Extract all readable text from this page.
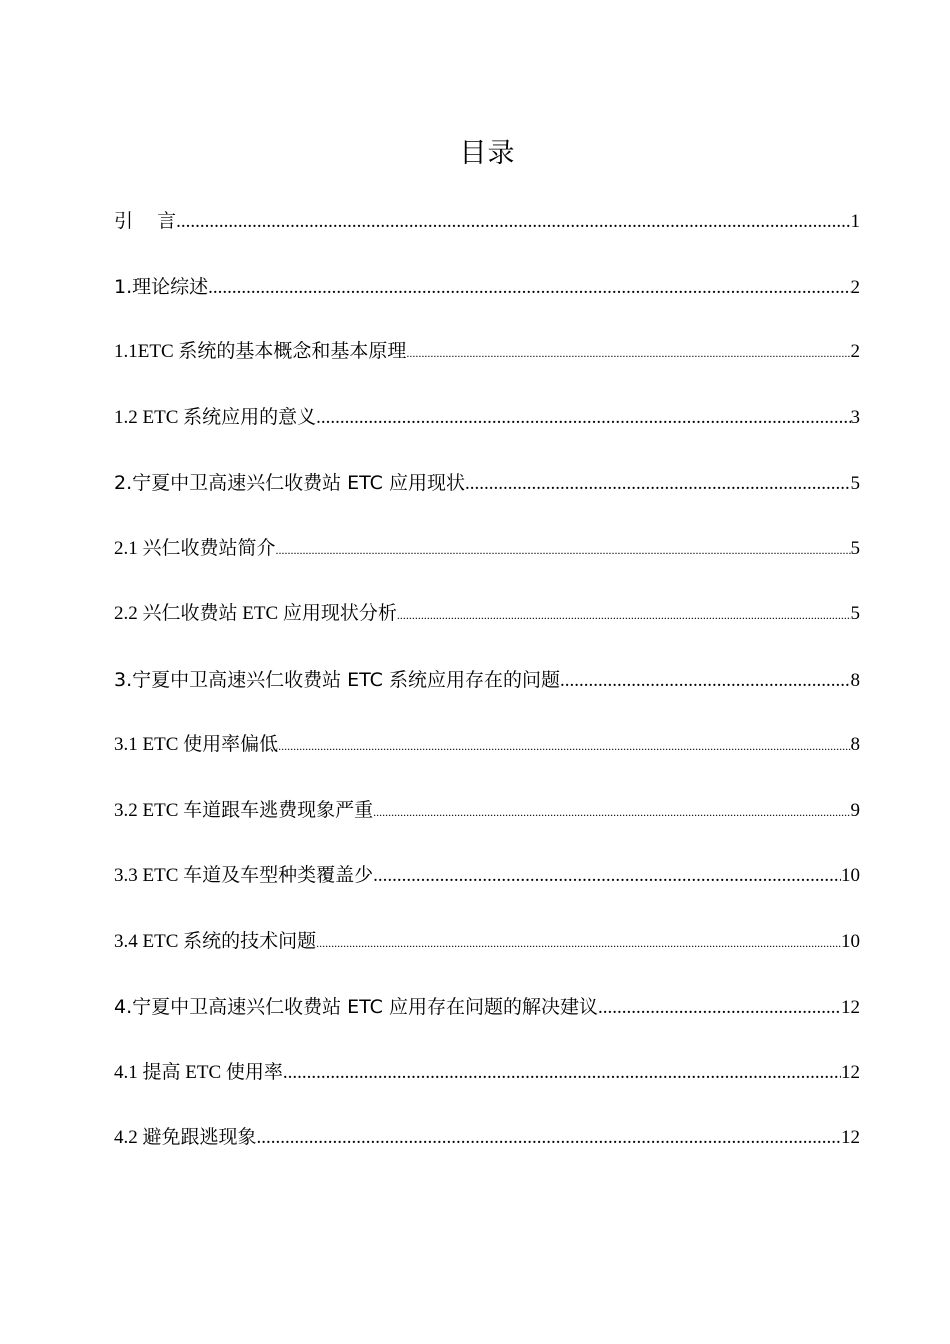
目录
引    言 .....	1
1.理论综述 .....	2
1.1ETC 系统的基本概念和基本原理 .....	2
1.2 ETC 系统应用的意义 .....	3
2.宁夏中卫高速兴仁收费站 ETC 应用现状 .....	5
2.1 兴仁收费站简介 .....	5
2.2 兴仁收费站 ETC 应用现状分析 .....	5
3.宁夏中卫高速兴仁收费站 ETC 系统应用存在的问题 .....	8
3.1 ETC 使用率偏低 .....	8
3.2 ETC 车道跟车逃费现象严重 .....	9
3.3 ETC 车道及车型种类覆盖少 .....	10
3.4 ETC 系统的技术问题 .....	10
4.宁夏中卫高速兴仁收费站 ETC 应用存在问题的解决建议 .....	12
4.1 提高 ETC 使用率 .....	12
4.2 避免跟逃现象 .....	12
